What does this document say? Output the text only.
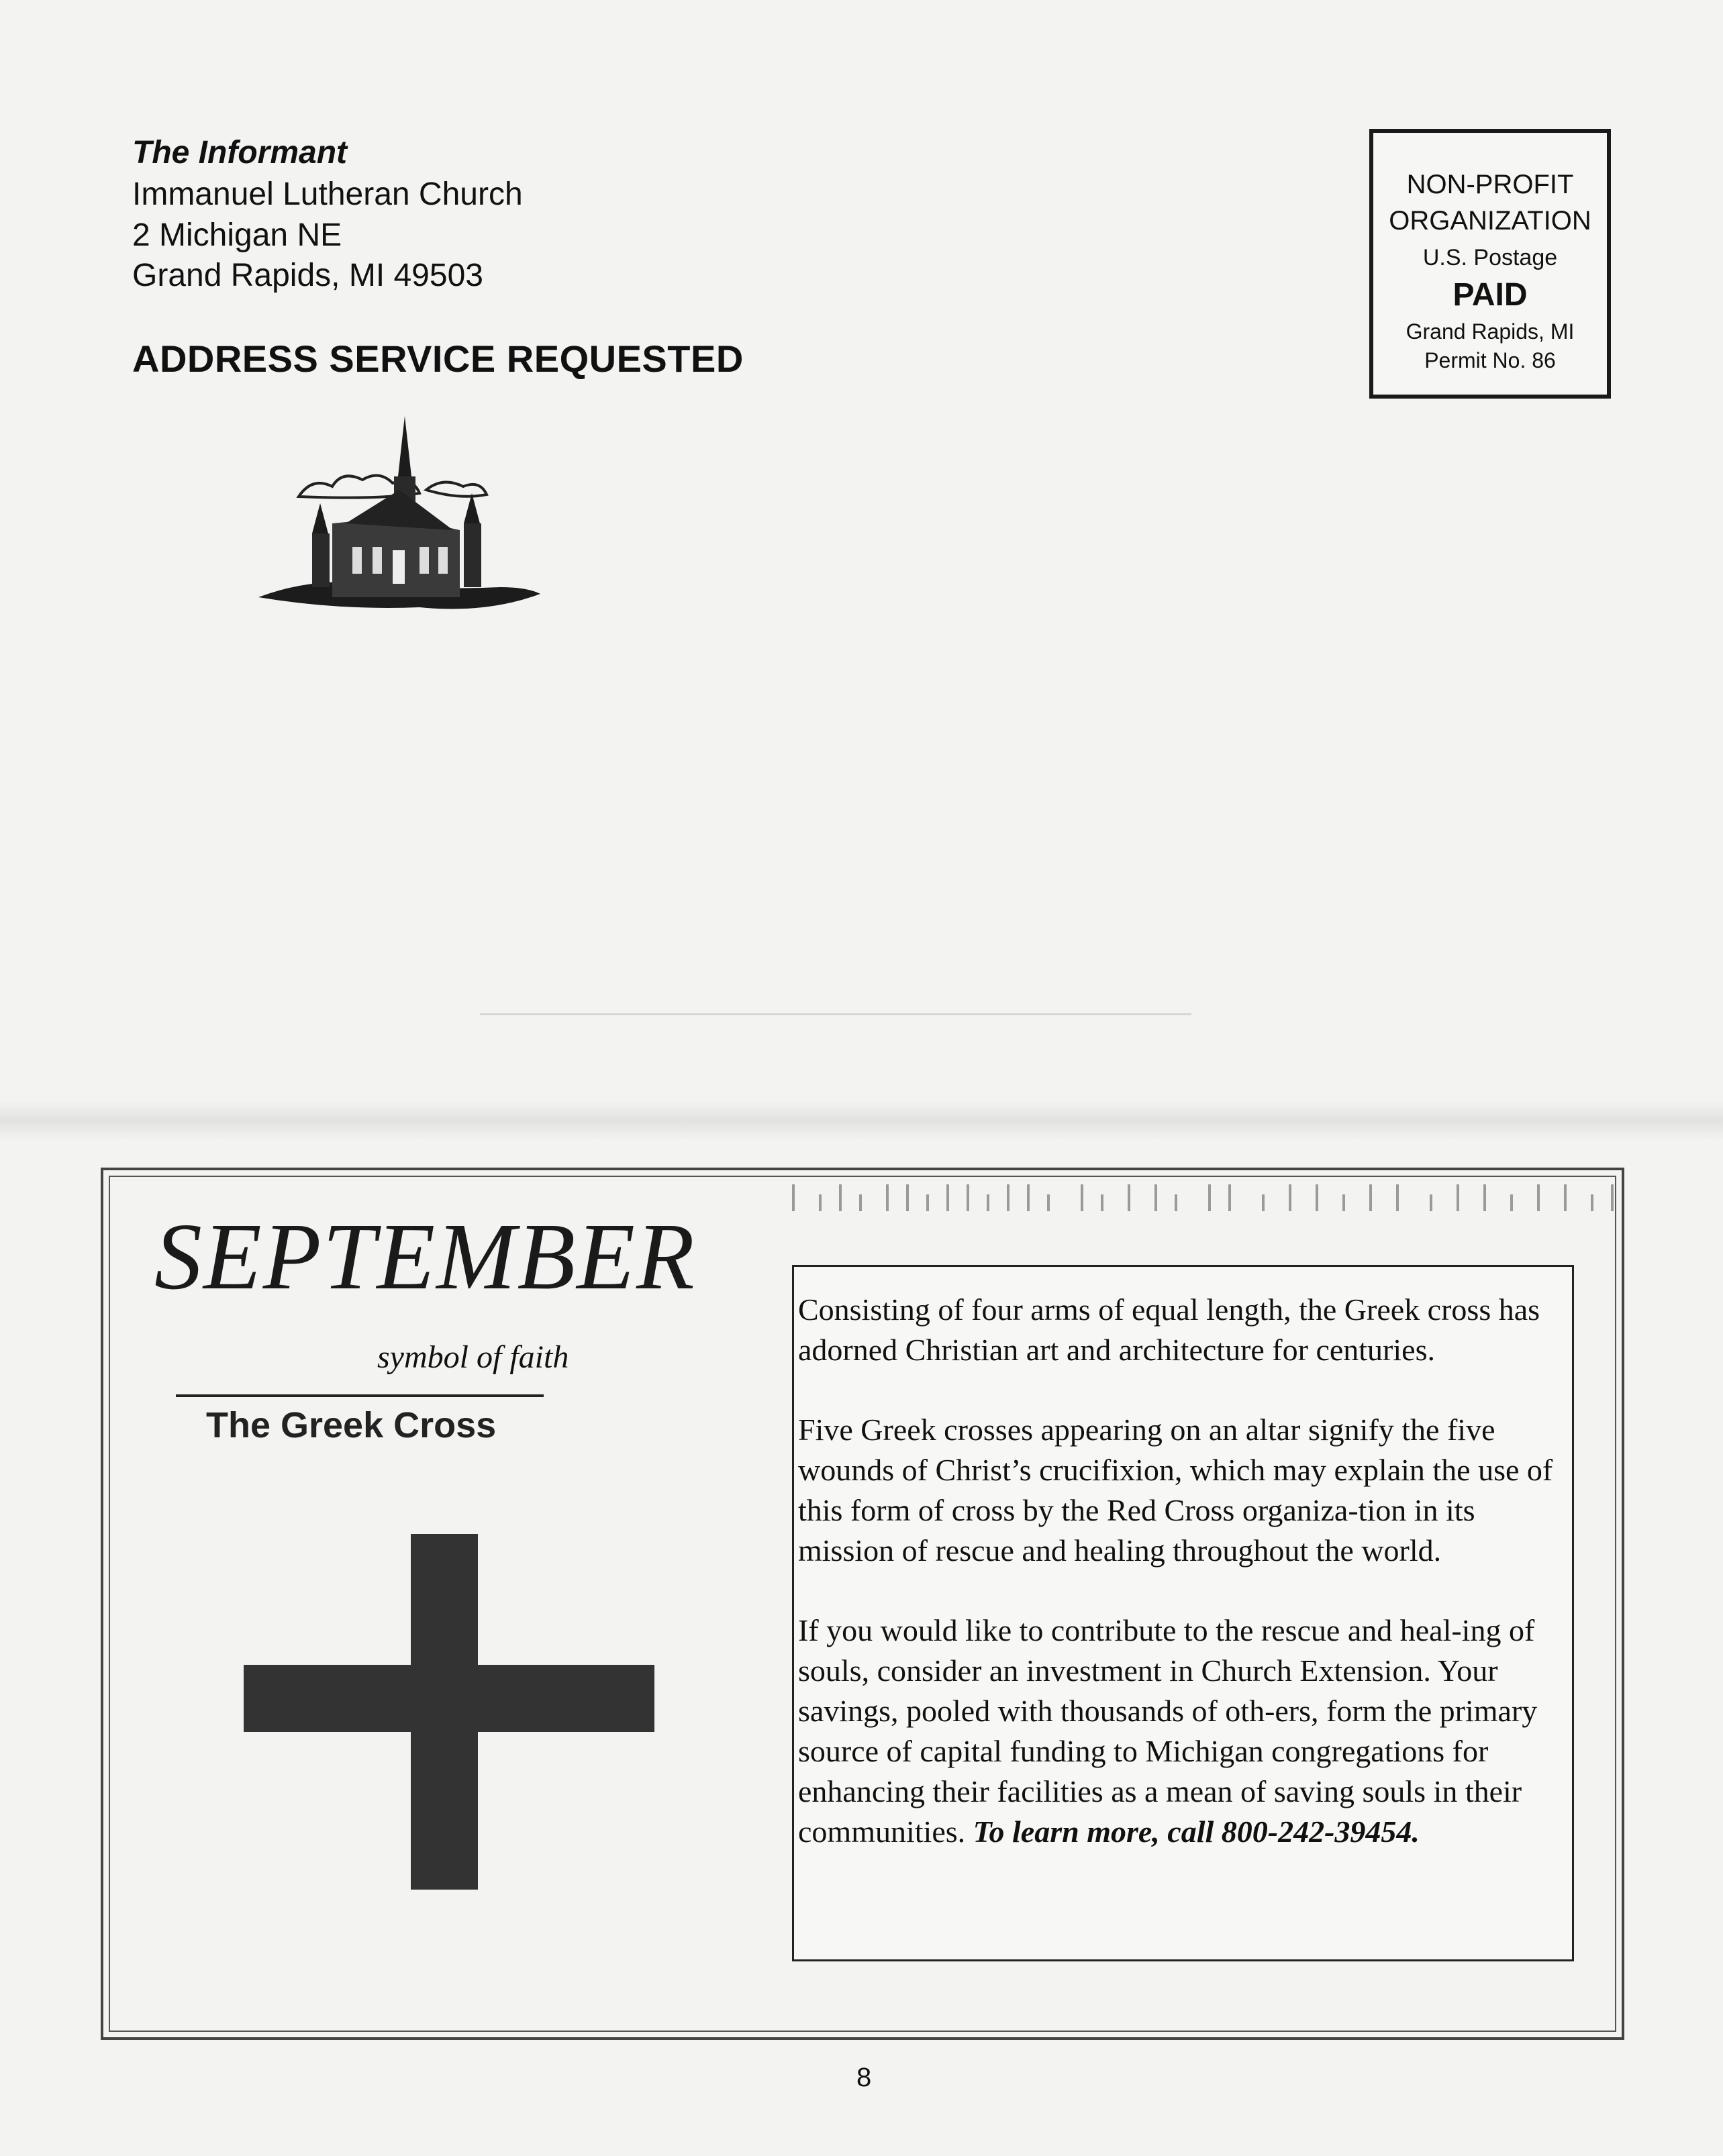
The Informant
Immanuel Lutheran Church
2 Michigan NE
Grand Rapids, MI 49503
ADDRESS SERVICE REQUESTED
NON-PROFIT
ORGANIZATION
U.S. Postage
PAID
Grand Rapids, MI
Permit No. 86
SEPTEMBER
symbol of faith
The Greek Cross

Consisting of four arms of equal length, the Greek cross has adorned Christian art and architecture for centuries.

Five Greek crosses appearing on an altar signify the five wounds of Christ’s crucifixion, which may explain the use of this form of cross by the Red Cross organiza-tion in its mission of rescue and healing throughout the world.

If you would like to contribute to the rescue and heal-ing of souls, consider an investment in Church Extension. Your savings, pooled with thousands of oth-ers, form the primary source of capital funding to Michigan congregations for enhancing their facilities as a mean of saving souls in their communities. To learn more, call 800-242-39454.

8
